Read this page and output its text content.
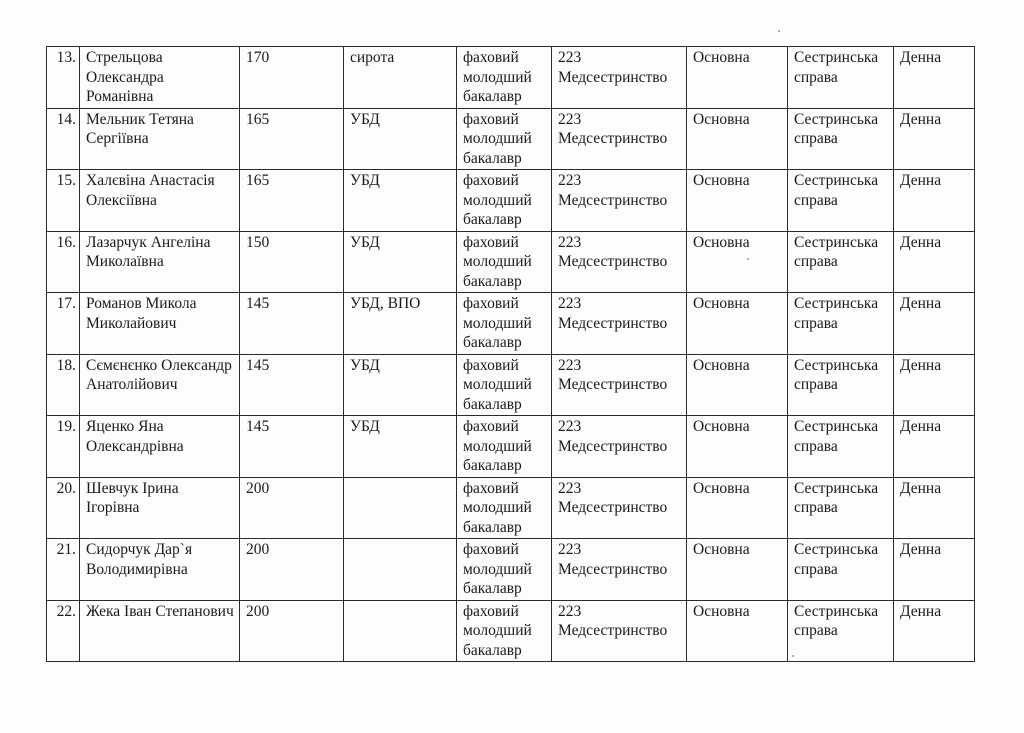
13.	Стрельцова Олександра Романівна	170	сирота	фаховий молодший бакалавр	223 Медсестринство	Основна	Сестринська справа	Денна
14.	Мельник Тетяна Сергіївна	165	УБД	фаховий молодший бакалавр	223 Медсестринство	Основна	Сестринська справа	Денна
15.	Халєвіна Анастасія Олексіївна	165	УБД	фаховий молодший бакалавр	223 Медсестринство	Основна	Сестринська справа	Денна
16.	Лазарчук Ангеліна Миколаївна	150	УБД	фаховий молодший бакалавр	223 Медсестринство	Основна	Сестринська справа	Денна
17.	Романов Микола Миколайович	145	УБД, ВПО	фаховий молодший бакалавр	223 Медсестринство	Основна	Сестринська справа	Денна
18.	Сємєнєнко Олександр Анатолійович	145	УБД	фаховий молодший бакалавр	223 Медсестринство	Основна	Сестринська справа	Денна
19.	Яценко Яна Олександрівна	145	УБД	фаховий молодший бакалавр	223 Медсестринство	Основна	Сестринська справа	Денна
20.	Шевчук Ірина Ігорівна	200		фаховий молодший бакалавр	223 Медсестринство	Основна	Сестринська справа	Денна
21.	Сидорчук Дар`я Володимирівна	200		фаховий молодший бакалавр	223 Медсестринство	Основна	Сестринська справа	Денна
22.	Жека Іван Степанович	200		фаховий молодший бакалавр	223 Медсестринство	Основна	Сестринська справа	Денна
